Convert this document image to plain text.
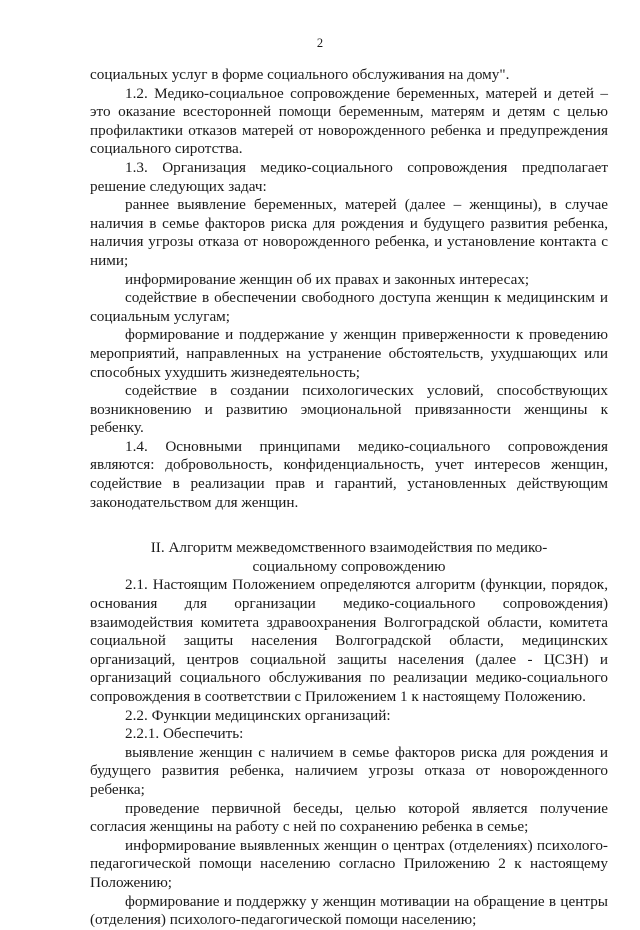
2

социальных услуг в форме социального обслуживания на дому".

1.2. Медико-социальное сопровождение беременных, матерей и детей – это оказание всесторонней помощи беременным, матерям и детям с целью профилактики отказов матерей от новорожденного ребенка и предупреждения социального сиротства.

1.3. Организация медико-социального сопровождения предполагает решение следующих задач:

раннее выявление беременных, матерей (далее – женщины), в случае наличия в семье факторов риска для рождения и будущего развития ребенка, наличия угрозы отказа от новорожденного ребенка, и установление контакта с ними;

информирование женщин об их правах и законных интересах;

содействие в обеспечении свободного доступа женщин к медицинским и социальным услугам;

формирование и поддержание у женщин приверженности к проведению мероприятий, направленных на устранение обстоятельств, ухудшающих или способных ухудшить жизнедеятельность;

содействие в создании психологических условий, способствующих возникновению и развитию эмоциональной привязанности женщины к ребенку.

1.4. Основными принципами медико-социального сопровождения являются: добровольность, конфиденциальность, учет интересов женщин, содействие в реализации прав и гарантий, установленных действующим законодательством для женщин.

II. Алгоритм межведомственного взаимодействия по медико-
социальному сопровождению

2.1. Настоящим Положением определяются алгоритм (функции, порядок, основания для организации медико-социального сопровождения) взаимодействия комитета здравоохранения Волгоградской области, комитета социальной защиты населения Волгоградской области, медицинских организаций, центров социальной защиты населения (далее - ЦСЗН) и организаций социального обслуживания по реализации медико-социального сопровождения в соответствии с Приложением 1 к настоящему Положению.

2.2. Функции медицинских организаций:

2.2.1. Обеспечить:

выявление женщин с наличием в семье факторов риска для рождения и будущего развития ребенка, наличием угрозы отказа от новорожденного ребенка;

проведение первичной беседы, целью которой является получение согласия женщины на работу с ней по сохранению ребенка в семье;

информирование выявленных женщин о центрах (отделениях) психолого-педагогической помощи населению согласно Приложению 2 к настоящему Положению;

формирование и поддержку у женщин мотивации на обращение в центры (отделения) психолого-педагогической помощи населению;
